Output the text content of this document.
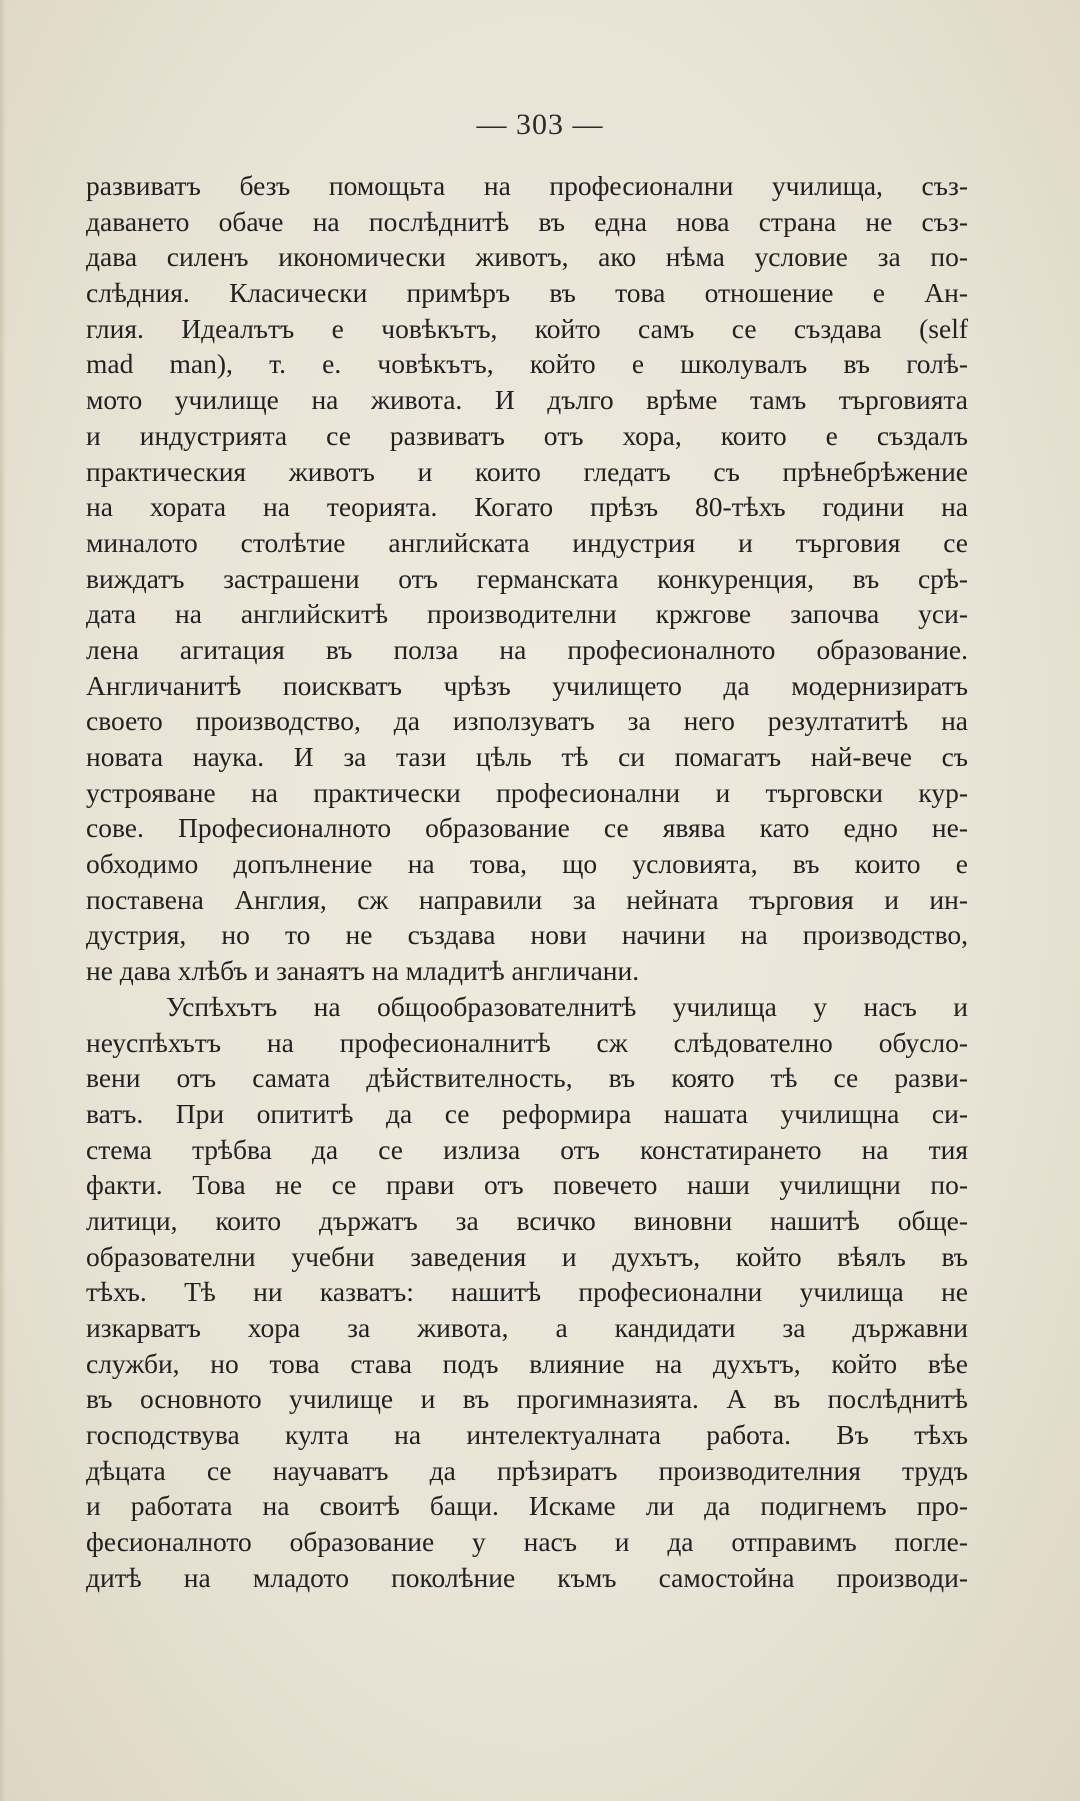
— 303 —
развиватъ безъ помощьта на професионални училища, съз-
даването обаче на послѣднитѣ въ една нова страна не съз-
дава силенъ икономически животъ, ако нѣма условие за по-
слѣдния. Класически примѣръ въ това отношение е Ан-
глия. Идеалътъ е човѣкътъ, който самъ се създава (self
mad man), т. е. човѣкътъ, който е школувалъ въ голѣ-
мото училище на живота. И дълго врѣме тамъ търговията
и индустрията се развиватъ отъ хора, които е създалъ
практическия животъ и които гледатъ съ прѣнебрѣжение
на хората на теорията. Когато прѣзъ 80-тѣхъ години на
миналото столѣтие английската индустрия и търговия се
виждатъ застрашени отъ германската конкуренция, въ срѣ-
дата на английскитѣ производителни кржгове започва уси-
лена агитация въ полза на професионалното образование.
Англичанитѣ поискватъ чрѣзъ училището да модернизиратъ
своето производство, да използуватъ за него резултатитѣ на
новата наука. И за тази цѣль тѣ си помагатъ най-вече съ
устрояване на практически професионални и търговски кур-
сове. Професионалното образование се явява като едно не-
обходимо допълнение на това, що условията, въ които е
поставена Англия, сж направили за нейната търговия и ин-
дустрия, но то не създава нови начини на производство,
не дава хлѣбъ и занаятъ на младитѣ англичани.
Успѣхътъ на общообразователнитѣ училища у насъ и
неуспѣхътъ на професионалнитѣ сж слѣдователно обусло-
вени отъ самата дѣйствителность, въ която тѣ се разви-
ватъ. При опититѣ да се реформира нашата училищна си-
стема трѣбва да се излиза отъ констатирането на тия
факти. Това не се прави отъ повечето наши училищни по-
литици, които държатъ за всичко виновни нашитѣ обще-
образователни учебни заведения и духътъ, който вѣялъ въ
тѣхъ. Тѣ ни казватъ: нашитѣ професионални училища не
изкарватъ хора за живота, а кандидати за държавни
служби, но това става подъ влияние на духътъ, който вѣе
въ основното училище и въ прогимназията. А въ послѣднитѣ
господствува култа на интелектуалната работа. Въ тѣхъ
дѣцата се научаватъ да прѣзиратъ производителния трудъ
и работата на своитѣ бащи. Искаме ли да подигнемъ про-
фесионалното образование у насъ и да отправимъ погле-
дитѣ на младото поколѣние къмъ самостойна производи-
